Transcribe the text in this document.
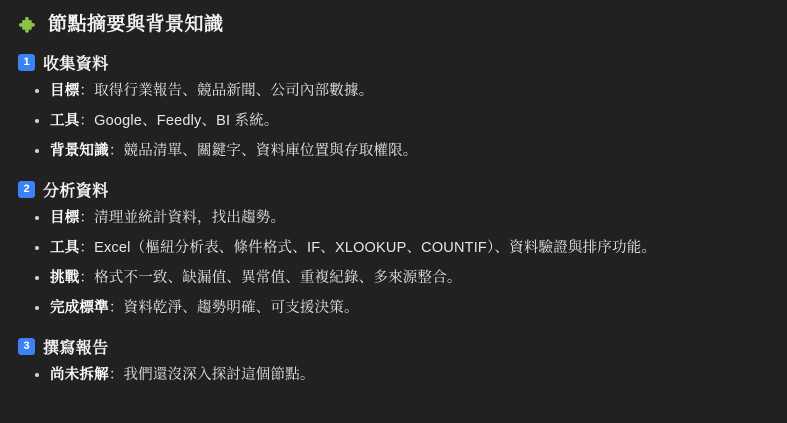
節點摘要與背景知識
1 收集資料
目標：取得行業報告、競品新聞、公司內部數據。
工具：Google、Feedly、BI 系統。
背景知識：競品清單、關鍵字、資料庫位置與存取權限。
2 分析資料
目標：清理並統計資料，找出趨勢。
工具：Excel（樞紐分析表、條件格式、IF、XLOOKUP、COUNTIF）、資料驗證與排序功能。
挑戰：格式不一致、缺漏值、異常值、重複紀錄、多來源整合。
完成標準：資料乾淨、趨勢明確、可支援決策。
3 撰寫報告
尚未拆解：我們還沒深入探討這個節點。
